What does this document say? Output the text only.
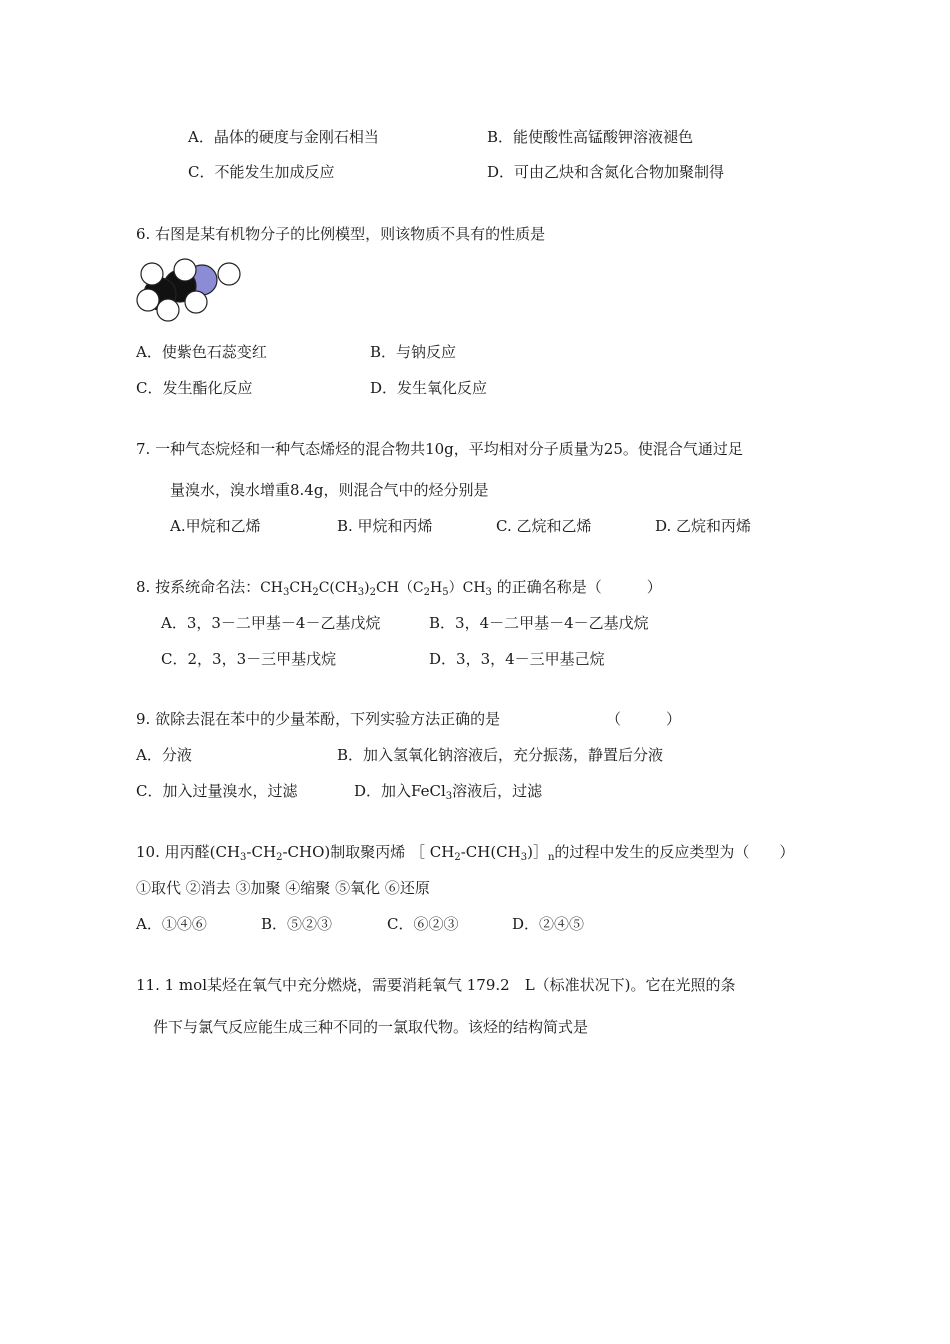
A．晶体的硬度与金刚石相当	B．能使酸性高锰酸钾溶液褪色
C．不能发生加成反应	D．可由乙炔和含氮化合物加聚制得
6. 右图是某有机物分子的比例模型，则该物质不具有的性质是
A．使紫色石蕊变红	B．与钠反应
C．发生酯化反应	D．发生氧化反应
7. 一种气态烷烃和一种气态烯烃的混合物共10g，平均相对分子质量为25。使混合气通过足
量溴水，溴水增重8.4g，则混合气中的烃分别是
A.甲烷和乙烯	B. 甲烷和丙烯	C. 乙烷和乙烯	D. 乙烷和丙烯
8. 按系统命名法：$CH_3CH_2C(CH_3)_2CH(C_2H_5)CH_3$ 的正确名称是（　　　）
A．3，3－二甲基－4－乙基戊烷	B．3，4－二甲基－4－乙基戊烷
C．2，3，3－三甲基戊烷	D．3，3，4－三甲基己烷
9. 欲除去混在苯中的少量苯酚，下列实验方法正确的是	（　　　）
A．分液	B．加入氢氧化钠溶液后，充分振荡，静置后分液
C．加入过量溴水，过滤	D．加入FeCl$_3$溶液后，过滤
10. 用丙醛$(CH_3-CH_2-CHO)$制取聚丙烯 ［ $CH_2-CH(CH_3)]_n$的过程中发生的反应类型为（　　）
①取代 ②消去 ③加聚 ④缩聚 ⑤氧化 ⑥还原
A．①④⑥	B．⑤②③	C．⑥②③	D．②④⑤
11. 1 mol某烃在氧气中充分燃烧，需要消耗氧气 179.2　L（标准状况下)。它在光照的条
件下与氯气反应能生成三种不同的一氯取代物。该烃的结构简式是
